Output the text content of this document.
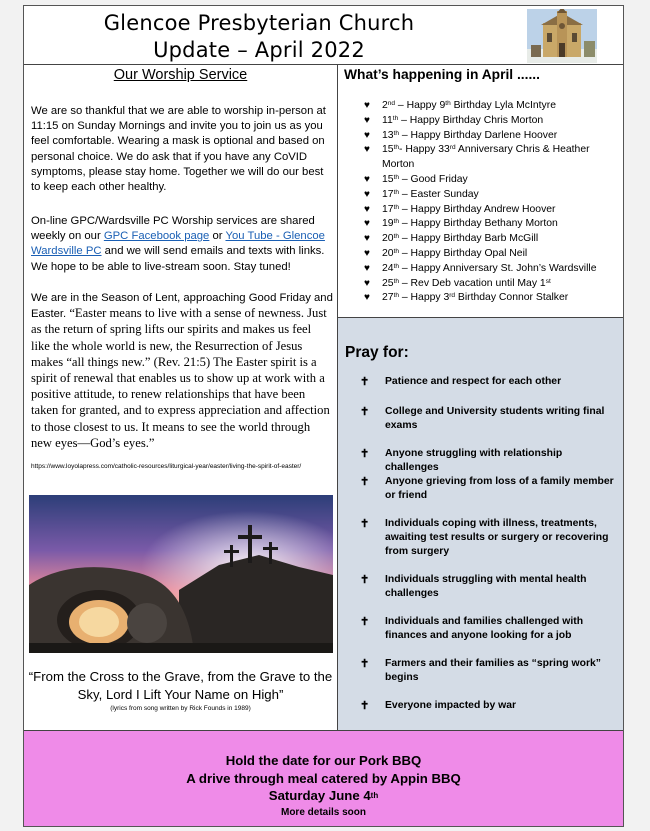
Glencoe Presbyterian Church
Update – April 2022
Our Worship Service
We are so thankful that we are able to worship in-person at 11:15 on Sunday Mornings and invite you to join us as you feel comfortable. Wearing a mask is optional and based on personal choice. We do ask that if you have any CoVID symptoms, please stay home. Together we will do our best to keep each other healthy.
On-line GPC/Wardsville PC Worship services are shared weekly on our GPC Facebook page or You Tube - Glencoe Wardsville PC and we will send emails and texts with links. We hope to be able to live-stream soon. Stay tuned!
We are in the Season of Lent, approaching Good Friday and Easter. “Easter means to live with a sense of newness. Just as the return of spring lifts our spirits and makes us feel like the whole world is new, the Resurrection of Jesus makes “all things new.” (Rev. 21:5) The Easter spirit is a spirit of renewal that enables us to show up at work with a positive attitude, to renew relationships that have been taken for granted, and to express appreciation and affection to those closest to us. It means to see the world through new eyes—God’s eyes.”
https://www.loyolapress.com/catholic-resources/liturgical-year/easter/living-the-spirit-of-easter/
“From the Cross to the Grave, from the Grave to the Sky, Lord I Lift Your Name on High”
(lyrics from song written by Rick Founds in 1989)
What’s happening in April ......
♥ 2nd – Happy 9th Birthday Lyla McIntyre
♥ 11th – Happy Birthday Chris Morton
♥ 13th – Happy Birthday Darlene Hoover
♥ 15th- Happy 33rd Anniversary Chris & Heather Morton
♥ 15th – Good Friday
♥ 17th – Easter Sunday
♥ 17th – Happy Birthday Andrew Hoover
♥ 19th – Happy Birthday Bethany Morton
♥ 20th – Happy Birthday Barb McGill
♥ 20th – Happy Birthday Opal Neil
♥ 24th – Happy Anniversary St. John’s Wardsville
♥ 25th – Rev Deb vacation until May 1st
♥ 27th – Happy 3rd Birthday Connor Stalker
Pray for:
✝ Patience and respect for each other
✝ College and University students writing final exams
✝ Anyone struggling with relationship challenges
✝ Anyone grieving from loss of a family member or friend
✝ Individuals coping with illness, treatments, awaiting test results or surgery or recovering from surgery
✝ Individuals struggling with mental health challenges
✝ Individuals and families challenged with finances and anyone looking for a job
✝ Farmers and their families as “spring work” begins
✝ Everyone impacted by war
Hold the date for our Pork BBQ
A drive through meal catered by Appin BBQ
Saturday June 4th
More details soon
